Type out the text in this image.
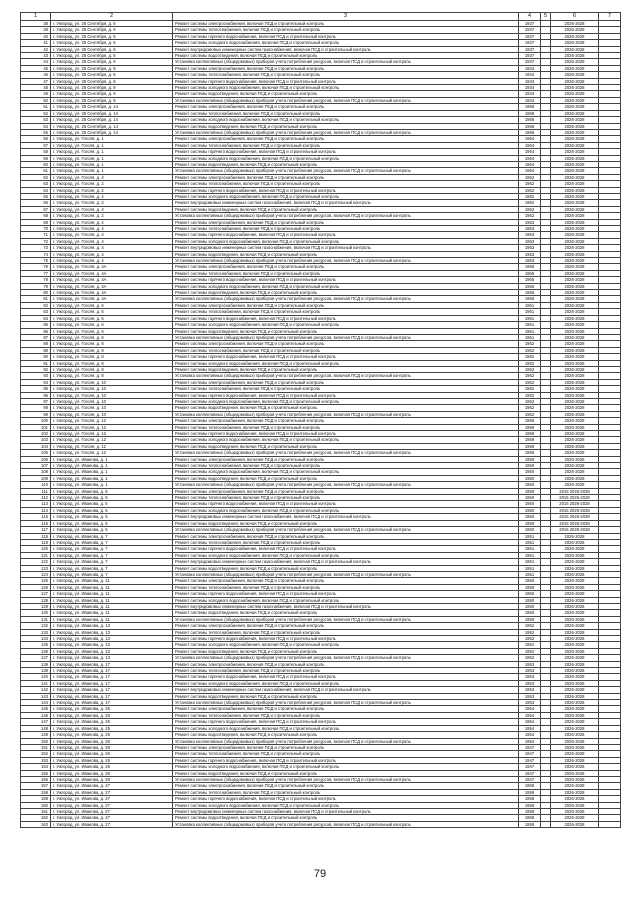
1	2	3	4	5	6	7
38	г. Ужгород, ул. 25 Сентября, д. 6	Ремонт системы электроснабжения, включая ПСД и строительный контроль	1937		2026-2028	
39	г. Ужгород, ул. 25 Сентября, д. 6	Ремонт системы теплоснабжения, включая ПСД и строительный контроль	1937		2026-2028	
40	г. Ужгород, ул. 25 Сентября, д. 6	Ремонт системы горячего водоснабжения, включая ПСД и строительный контроль	1937		2026-2028	
41	г. Ужгород, ул. 25 Сентября, д. 6	Ремонт системы холодного водоснабжения, включая ПСД и строительный контроль	1937		2026-2028	
42	г. Ужгород, ул. 25 Сентября, д. 6	Ремонт внутридомовых инженерных систем газоснабжения, включая ПСД и строительный контроль	1937		2026-2028	
43	г. Ужгород, ул. 25 Сентября, д. 6	Ремонт системы водоотведения, включая ПСД и строительный контроль	1937		2026-2028	
44	г. Ужгород, ул. 25 Сентября, д. 6	Установка коллективных (общедомовых) приборов учета потребления ресурсов, включая ПСД и строительный контроль	1937		2026-2028	
45	г. Ужгород, ул. 25 Сентября, д. 8	Ремонт системы электроснабжения, включая ПСД и строительный контроль	1934		2026-2028	
46	г. Ужгород, ул. 25 Сентября, д. 8	Ремонт системы теплоснабжения, включая ПСД и строительный контроль	1934		2026-2028	
47	г. Ужгород, ул. 25 Сентября, д. 8	Ремонт системы горячего водоснабжения, включая ПСД и строительный контроль	1934		2026-2028	
48	г. Ужгород, ул. 25 Сентября, д. 8	Ремонт системы холодного водоснабжения, включая ПСД и строительный контроль	1934		2026-2028	
49	г. Ужгород, ул. 25 Сентября, д. 8	Ремонт системы водоотведения, включая ПСД и строительный контроль	1934		2026-2028	
50	г. Ужгород, ул. 25 Сентября, д. 8	Установка коллективных (общедомовых) приборов учета потребления ресурсов, включая ПСД и строительный контроль	1934		2026-2028	
51	г. Ужгород, ул. 25 Сентября, д. 14	Ремонт системы электроснабжения, включая ПСД и строительный контроль	1968		2026-2028	
52	г. Ужгород, ул. 25 Сентября, д. 14	Ремонт системы теплоснабжения, включая ПСД и строительный контроль	1968		2026-2028	
53	г. Ужгород, ул. 25 Сентября, д. 14	Ремонт системы холодного водоснабжения, включая ПСД и строительный контроль	1968		2026-2028	
54	г. Ужгород, ул. 25 Сентября, д. 14	Ремонт системы водоотведения, включая ПСД и строительный контроль	1968		2026-2028	
55	г. Ужгород, ул. 25 Сентября, д. 14	Установка коллективных (общедомовых) приборов учета потребления ресурсов, включая ПСД и строительный контроль	1968		2026-2028	
56	г. Ужгород, ул. Гоголя, д. 1	Ремонт системы электроснабжения, включая ПСД и строительный контроль	1964		2026-2028	
57	г. Ужгород, ул. Гоголя, д. 1	Ремонт системы теплоснабжения, включая ПСД и строительный контроль	1964		2026-2028	
58	г. Ужгород, ул. Гоголя, д. 1	Ремонт системы горячего водоснабжения, включая ПСД и строительный контроль	1964		2026-2028	
59	г. Ужгород, ул. Гоголя, д. 1	Ремонт системы холодного водоснабжения, включая ПСД и строительный контроль	1964		2026-2028	
60	г. Ужгород, ул. Гоголя, д. 1	Ремонт системы водоотведения, включая ПСД и строительный контроль	1964		2026-2028	
61	г. Ужгород, ул. Гоголя, д. 1	Установка коллективных (общедомовых) приборов учета потребления ресурсов, включая ПСД и строительный контроль	1964		2026-2028	
62	г. Ужгород, ул. Гоголя, д. 2	Ремонт системы электроснабжения, включая ПСД и строительный контроль	1962		2026-2028	
63	г. Ужгород, ул. Гоголя, д. 2	Ремонт системы теплоснабжения, включая ПСД и строительный контроль	1962		2026-2028	
64	г. Ужгород, ул. Гоголя, д. 2	Ремонт системы горячего водоснабжения, включая ПСД и строительный контроль	1962		2026-2028	
65	г. Ужгород, ул. Гоголя, д. 2	Ремонт системы холодного водоснабжения, включая ПСД и строительный контроль	1962		2026-2028	
66	г. Ужгород, ул. Гоголя, д. 2	Ремонт внутридомовых инженерных систем газоснабжения, включая ПСД и строительный контроль	1962		2026-2028	
67	г. Ужгород, ул. Гоголя, д. 2	Ремонт системы водоотведения, включая ПСД и строительный контроль	1962		2026-2028	
68	г. Ужгород, ул. Гоголя, д. 2	Установка коллективных (общедомовых) приборов учета потребления ресурсов, включая ПСД и строительный контроль	1962		2026-2028	
69	г. Ужгород, ул. Гоголя, д. 4	Ремонт системы электроснабжения, включая ПСД и строительный контроль	1963		2026-2028	
70	г. Ужгород, ул. Гоголя, д. 4	Ремонт системы теплоснабжения, включая ПСД и строительный контроль	1963		2026-2028	
71	г. Ужгород, ул. Гоголя, д. 4	Ремонт системы горячего водоснабжения, включая ПСД и строительный контроль	1963		2026-2028	
72	г. Ужгород, ул. Гоголя, д. 4	Ремонт системы холодного водоснабжения, включая ПСД и строительный контроль	1963		2026-2028	
73	г. Ужгород, ул. Гоголя, д. 4	Ремонт внутридомовых инженерных систем газоснабжения, включая ПСД и строительный контроль	1963		2026-2028	
74	г. Ужгород, ул. Гоголя, д. 4	Ремонт системы водоотведения, включая ПСД и строительный контроль	1963		2026-2028	
75	г. Ужгород, ул. Гоголя, д. 4	Установка коллективных (общедомовых) приборов учета потребления ресурсов, включая ПСД и строительный контроль	1963		2026-2028	
76	г. Ужгород, ул. Гоголя, д. 4А	Ремонт системы электроснабжения, включая ПСД и строительный контроль	1965		2026-2028	
77	г. Ужгород, ул. Гоголя, д. 4А	Ремонт системы теплоснабжения, включая ПСД и строительный контроль	1965		2026-2028	
78	г. Ужгород, ул. Гоголя, д. 4А	Ремонт системы горячего водоснабжения, включая ПСД и строительный контроль	1965		2026-2028	
79	г. Ужгород, ул. Гоголя, д. 4А	Ремонт системы холодного водоснабжения, включая ПСД и строительный контроль	1965		2026-2028	
80	г. Ужгород, ул. Гоголя, д. 4А	Ремонт системы водоотведения, включая ПСД и строительный контроль	1965		2026-2028	
81	г. Ужгород, ул. Гоголя, д. 4А	Установка коллективных (общедомовых) приборов учета потребления ресурсов, включая ПСД и строительный контроль	1965		2026-2028	
82	г. Ужгород, ул. Гоголя, д. 6	Ремонт системы электроснабжения, включая ПСД и строительный контроль	1961		2026-2028	
83	г. Ужгород, ул. Гоголя, д. 6	Ремонт системы теплоснабжения, включая ПСД и строительный контроль	1961		2026-2028	
84	г. Ужгород, ул. Гоголя, д. 6	Ремонт системы горячего водоснабжения, включая ПСД и строительный контроль	1961		2026-2028	
85	г. Ужгород, ул. Гоголя, д. 6	Ремонт системы холодного водоснабжения, включая ПСД и строительный контроль	1961		2026-2028	
86	г. Ужгород, ул. Гоголя, д. 6	Ремонт системы водоотведения, включая ПСД и строительный контроль	1961		2026-2028	
87	г. Ужгород, ул. Гоголя, д. 6	Установка коллективных (общедомовых) приборов учета потребления ресурсов, включая ПСД и строительный контроль	1961		2026-2028	
88	г. Ужгород, ул. Гоголя, д. 8	Ремонт системы электроснабжения, включая ПСД и строительный контроль	1962		2026-2028	
89	г. Ужгород, ул. Гоголя, д. 8	Ремонт системы теплоснабжения, включая ПСД и строительный контроль	1962		2026-2028	
90	г. Ужгород, ул. Гоголя, д. 8	Ремонт системы горячего водоснабжения, включая ПСД и строительный контроль	1962		2026-2028	
91	г. Ужгород, ул. Гоголя, д. 8	Ремонт системы холодного водоснабжения, включая ПСД и строительный контроль	1962		2026-2028	
92	г. Ужгород, ул. Гоголя, д. 8	Ремонт системы водоотведения, включая ПСД и строительный контроль	1962		2026-2028	
93	г. Ужгород, ул. Гоголя, д. 8	Установка коллективных (общедомовых) приборов учета потребления ресурсов, включая ПСД и строительный контроль	1962		2026-2028	
94	г. Ужгород, ул. Гоголя, д. 10	Ремонт системы электроснабжения, включая ПСД и строительный контроль	1962		2026-2028	
95	г. Ужгород, ул. Гоголя, д. 10	Ремонт системы теплоснабжения, включая ПСД и строительный контроль	1962		2026-2028	
96	г. Ужгород, ул. Гоголя, д. 10	Ремонт системы горячего водоснабжения, включая ПСД и строительный контроль	1962		2026-2028	
97	г. Ужгород, ул. Гоголя, д. 10	Ремонт системы холодного водоснабжения, включая ПСД и строительный контроль	1962		2026-2028	
98	г. Ужгород, ул. Гоголя, д. 10	Ремонт системы водоотведения, включая ПСД и строительный контроль	1962		2026-2028	
99	г. Ужгород, ул. Гоголя, д. 10	Установка коллективных (общедомовых) приборов учета потребления ресурсов, включая ПСД и строительный контроль	1962		2026-2028	
100	г. Ужгород, ул. Гоголя, д. 12	Ремонт системы электроснабжения, включая ПСД и строительный контроль	1959		2026-2028	
101	г. Ужгород, ул. Гоголя, д. 12	Ремонт системы теплоснабжения, включая ПСД и строительный контроль	1959		2026-2028	
102	г. Ужгород, ул. Гоголя, д. 12	Ремонт системы горячего водоснабжения, включая ПСД и строительный контроль	1959		2026-2028	
103	г. Ужгород, ул. Гоголя, д. 12	Ремонт системы холодного водоснабжения, включая ПСД и строительный контроль	1959		2026-2028	
104	г. Ужгород, ул. Гоголя, д. 12	Ремонт системы водоотведения, включая ПСД и строительный контроль	1959		2026-2028	
105	г. Ужгород, ул. Гоголя, д. 12	Установка коллективных (общедомовых) приборов учета потребления ресурсов, включая ПСД и строительный контроль	1959		2026-2028	
106	г. Ужгород, ул. Иванова, д. 1	Ремонт системы электроснабжения, включая ПСД и строительный контроль	1950		2026-2028	
107	г. Ужгород, ул. Иванова, д. 1	Ремонт системы теплоснабжения, включая ПСД и строительный контроль	1950		2026-2028	
108	г. Ужгород, ул. Иванова, д. 1	Ремонт системы холодного водоснабжения, включая ПСД и строительный контроль	1950		2026-2028	
109	г. Ужгород, ул. Иванова, д. 1	Ремонт системы водоотведения, включая ПСД и строительный контроль	1950		2026-2028	
110	г. Ужгород, ул. Иванова, д. 1	Установка коллективных (общедомовых) приборов учета потребления ресурсов, включая ПСД и строительный контроль	1950		2026-2028	
111	г. Ужгород, ул. Иванова, д. 5	Ремонт системы электроснабжения, включая ПСД и строительный контроль	1950		2015 2026-2028	
112	г. Ужгород, ул. Иванова, д. 5	Ремонт системы теплоснабжения, включая ПСД и строительный контроль	1950		2015 2026-2028	
113	г. Ужгород, ул. Иванова, д. 5	Ремонт системы горячего водоснабжения, включая ПСД и строительный контроль	1950		2015 2026-2028	
114	г. Ужгород, ул. Иванова, д. 5	Ремонт системы холодного водоснабжения, включая ПСД и строительный контроль	1950		2015 2026-2028	
115	г. Ужгород, ул. Иванова, д. 5	Ремонт внутридомовых инженерных систем газоснабжения, включая ПСД и строительный контроль	1950		2015 2026-2028	
116	г. Ужгород, ул. Иванова, д. 5	Ремонт системы водоотведения, включая ПСД и строительный контроль	1950		2015 2026-2028	
117	г. Ужгород, ул. Иванова, д. 5	Установка коллективных (общедомовых) приборов учета потребления ресурсов, включая ПСД и строительный контроль	1950		2015 2026-2028	
118	г. Ужгород, ул. Иванова, д. 7	Ремонт системы электроснабжения, включая ПСД и строительный контроль	1951		2026-2028	
119	г. Ужгород, ул. Иванова, д. 7	Ремонт системы теплоснабжения, включая ПСД и строительный контроль	1951		2026-2028	
120	г. Ужгород, ул. Иванова, д. 7	Ремонт системы горячего водоснабжения, включая ПСД и строительный контроль	1951		2026-2028	
121	г. Ужгород, ул. Иванова, д. 7	Ремонт системы холодного водоснабжения, включая ПСД и строительный контроль	1951		2026-2028	
122	г. Ужгород, ул. Иванова, д. 7	Ремонт внутридомовых инженерных систем газоснабжения, включая ПСД и строительный контроль	1951		2026-2028	
123	г. Ужгород, ул. Иванова, д. 7	Ремонт системы водоотведения, включая ПСД и строительный контроль	1951		2026-2028	
124	г. Ужгород, ул. Иванова, д. 7	Установка коллективных (общедомовых) приборов учета потребления ресурсов, включая ПСД и строительный контроль	1951		2026-2028	
125	г. Ужгород, ул. Иванова, д. 11	Ремонт системы электроснабжения, включая ПСД и строительный контроль	1950		2026-2028	
126	г. Ужгород, ул. Иванова, д. 11	Ремонт системы теплоснабжения, включая ПСД и строительный контроль	1950		2026-2028	
127	г. Ужгород, ул. Иванова, д. 11	Ремонт системы горячего водоснабжения, включая ПСД и строительный контроль	1950		2026-2028	
128	г. Ужгород, ул. Иванова, д. 11	Ремонт системы холодного водоснабжения, включая ПСД и строительный контроль	1950		2026-2028	
129	г. Ужгород, ул. Иванова, д. 11	Ремонт внутридомовых инженерных систем газоснабжения, включая ПСД и строительный контроль	1950		2026-2028	
130	г. Ужгород, ул. Иванова, д. 11	Ремонт системы водоотведения, включая ПСД и строительный контроль	1950		2026-2028	
131	г. Ужгород, ул. Иванова, д. 11	Установка коллективных (общедомовых) приборов учета потребления ресурсов, включая ПСД и строительный контроль	1950		2026-2028	
132	г. Ужгород, ул. Иванова, д. 13	Ремонт системы электроснабжения, включая ПСД и строительный контроль	1952		2026-2028	
133	г. Ужгород, ул. Иванова, д. 13	Ремонт системы теплоснабжения, включая ПСД и строительный контроль	1952		2026-2028	
134	г. Ужгород, ул. Иванова, д. 13	Ремонт системы горячего водоснабжения, включая ПСД и строительный контроль	1952		2026-2028	
135	г. Ужгород, ул. Иванова, д. 13	Ремонт системы холодного водоснабжения, включая ПСД и строительный контроль	1952		2026-2028	
136	г. Ужгород, ул. Иванова, д. 13	Ремонт системы водоотведения, включая ПСД и строительный контроль	1952		2026-2028	
137	г. Ужгород, ул. Иванова, д. 13	Установка коллективных (общедомовых) приборов учета потребления ресурсов, включая ПСД и строительный контроль	1952		2026-2028	
138	г. Ужгород, ул. Иванова, д. 17	Ремонт системы электроснабжения, включая ПСД и строительный контроль	1953		2026-2028	
139	г. Ужгород, ул. Иванова, д. 17	Ремонт системы теплоснабжения, включая ПСД и строительный контроль	1953		2026-2028	
140	г. Ужгород, ул. Иванова, д. 17	Ремонт системы горячего водоснабжения, включая ПСД и строительный контроль	1953		2026-2028	
141	г. Ужгород, ул. Иванова, д. 17	Ремонт системы холодного водоснабжения, включая ПСД и строительный контроль	1953		2026-2028	
142	г. Ужгород, ул. Иванова, д. 17	Ремонт внутридомовых инженерных систем газоснабжения, включая ПСД и строительный контроль	1953		2026-2028	
143	г. Ужгород, ул. Иванова, д. 17	Ремонт системы водоотведения, включая ПСД и строительный контроль	1953		2026-2028	
144	г. Ужгород, ул. Иванова, д. 17	Установка коллективных (общедомовых) приборов учета потребления ресурсов, включая ПСД и строительный контроль	1953		2026-2028	
145	г. Ужгород, ул. Иванова, д. 25	Ремонт системы электроснабжения, включая ПСД и строительный контроль	1954		2026-2028	
146	г. Ужгород, ул. Иванова, д. 25	Ремонт системы теплоснабжения, включая ПСД и строительный контроль	1954		2026-2028	
147	г. Ужгород, ул. Иванова, д. 25	Ремонт системы горячего водоснабжения, включая ПСД и строительный контроль	1954		2026-2028	
148	г. Ужгород, ул. Иванова, д. 25	Ремонт системы холодного водоснабжения, включая ПСД и строительный контроль	1954		2026-2028	
149	г. Ужгород, ул. Иванова, д. 25	Ремонт системы водоотведения, включая ПСД и строительный контроль	1954		2026-2028	
150	г. Ужгород, ул. Иванова, д. 25	Установка коллективных (общедомовых) приборов учета потребления ресурсов, включая ПСД и строительный контроль	1954		2026-2028	
151	г. Ужгород, ул. Иванова, д. 26	Ремонт системы электроснабжения, включая ПСД и строительный контроль	1947		2026-2028	
152	г. Ужгород, ул. Иванова, д. 26	Ремонт системы теплоснабжения, включая ПСД и строительный контроль	1947		2026-2028	
153	г. Ужгород, ул. Иванова, д. 26	Ремонт системы горячего водоснабжения, включая ПСД и строительный контроль	1947		2026-2028	
154	г. Ужгород, ул. Иванова, д. 26	Ремонт системы холодного водоснабжения, включая ПСД и строительный контроль	1947		2026-2028	
155	г. Ужгород, ул. Иванова, д. 26	Ремонт системы водоотведения, включая ПСД и строительный контроль	1947		2026-2028	
156	г. Ужгород, ул. Иванова, д. 26	Установка коллективных (общедомовых) приборов учета потребления ресурсов, включая ПСД и строительный контроль	1947		2026-2028	
157	г. Ужгород, ул. Иванова, д. 27	Ремонт системы электроснабжения, включая ПСД и строительный контроль	1958		2026-2028	
158	г. Ужгород, ул. Иванова, д. 27	Ремонт системы теплоснабжения, включая ПСД и строительный контроль	1958		2026-2028	
159	г. Ужгород, ул. Иванова, д. 27	Ремонт системы горячего водоснабжения, включая ПСД и строительный контроль	1958		2026-2028	
160	г. Ужгород, ул. Иванова, д. 27	Ремонт системы холодного водоснабжения, включая ПСД и строительный контроль	1958		2026-2028	
161	г. Ужгород, ул. Иванова, д. 27	Ремонт внутридомовых инженерных систем газоснабжения, включая ПСД и строительный контроль	1958		2026-2028	
162	г. Ужгород, ул. Иванова, д. 27	Ремонт системы водоотведения, включая ПСД и строительный контроль	1958		2026-2028	
163	г. Ужгород, ул. Иванова, д. 27	Установка коллективных (общедомовых) приборов учета потребления ресурсов, включая ПСД и строительный контроль	1958		2026-2028	
79
